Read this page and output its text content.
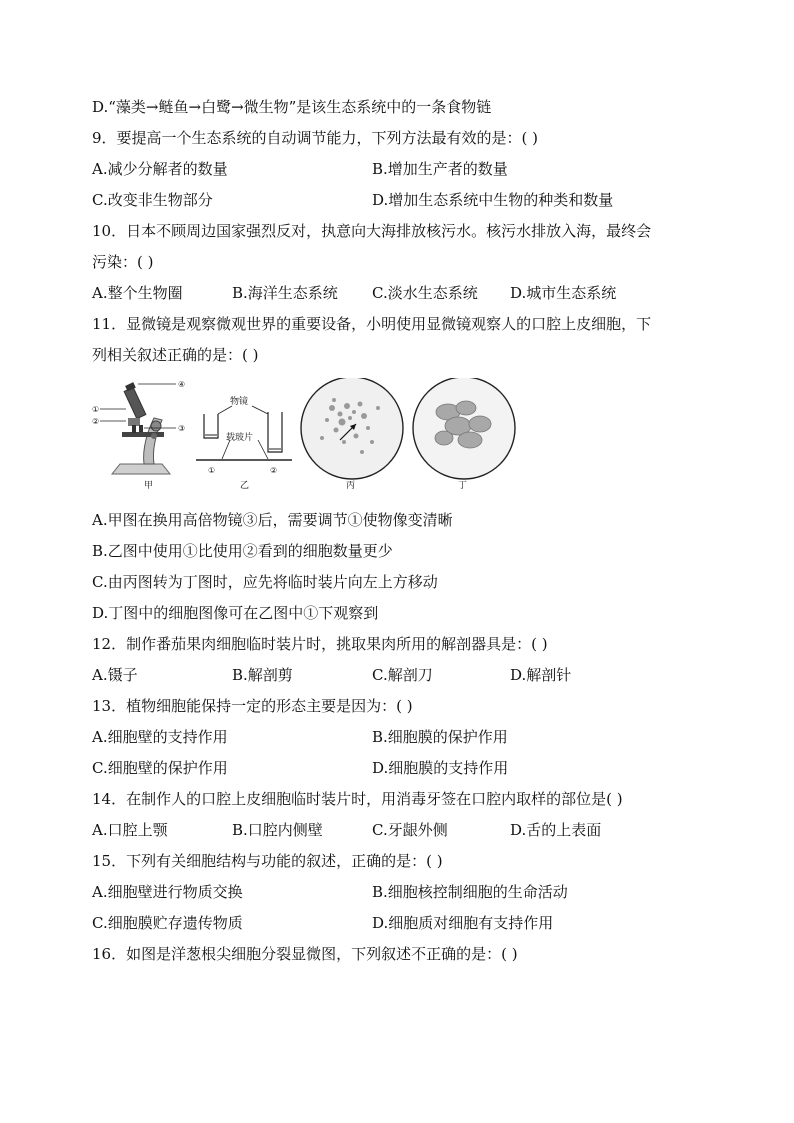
D.“藻类→鲢鱼→白鹭→微生物”是该生态系统中的一条食物链
9．要提高一个生态系统的自动调节能力，下列方法最有效的是：( )
A.减少分解者的数量	B.增加生产者的数量
C.改变非生物部分	D.增加生态系统中生物的种类和数量
10．日本不顾周边国家强烈反对，执意向大海排放核污水。核污水排放入海，最终会
污染：( )
A.整个生物圈	B.海洋生态系统 C.淡水生态系统 D.城市生态系统
11．显微镜是观察微观世界的重要设备，小明使用显微镜观察人的口腔上皮细胞，下
列相关叙述正确的是：( )
④
①
②
③
甲
物镜
载玻片
①	②
乙	丙	丁
A.甲图在换用高倍物镜③后，需要调节①使物像变清晰
B.乙图中使用①比使用②看到的细胞数量更少
C.由丙图转为丁图时，应先将临时装片向左上方移动
D.丁图中的细胞图像可在乙图中①下观察到
12．制作番茄果肉细胞临时装片时，挑取果肉所用的解剖器具是：( )
A.镊子	B.解剖剪	C.解剖刀	D.解剖针
13．植物细胞能保持一定的形态主要是因为：( )
A.细胞壁的支持作用	B.细胞膜的保护作用
C.细胞壁的保护作用	D.细胞膜的支持作用
14．在制作人的口腔上皮细胞临时装片时，用消毒牙签在口腔内取样的部位是( )
A.口腔上颚	B.口腔内侧壁	C.牙龈外侧	D.舌的上表面
15．下列有关细胞结构与功能的叙述，正确的是：( )
A.细胞壁进行物质交换	B.细胞核控制细胞的生命活动
C.细胞膜贮存遗传物质	D.细胞质对细胞有支持作用
16．如图是洋葱根尖细胞分裂显微图，下列叙述不正确的是：( )
